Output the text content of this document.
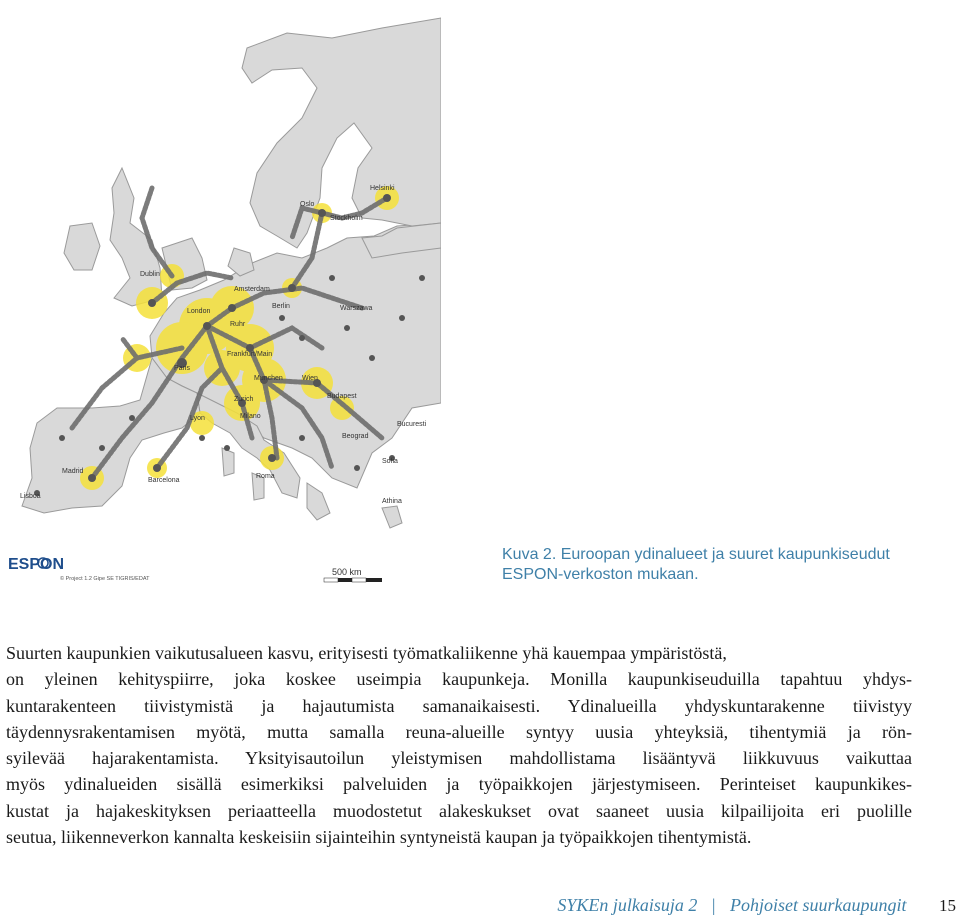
Oslo
Stockholm
Helsinki
Dublin
Amsterdam
Berlin
London
Paris
Ruhr
Frankfurt/Main
Munchen	Wien
Zurich
Milano
Lyon
Madrid
Barcelona
Lisboa
Roma
Sofia
Athina
Warszawa
Bucuresti
Beograd
Budapest
ESPON
© Project 1.2 Gipe SE TIGRIS/EDAT
500 km
Kuva 2. Euroopan ydinalueet ja suuret kaupunkiseudut
ESPON-verkoston mukaan.
Suurten kaupunkien vaikutusalueen kasvu, erityisesti työmatkaliikenne yhä kauempaa ympäristöstä,
on yleinen kehityspiirre, joka koskee useimpia kaupunkeja. Monilla kaupunkiseuduilla tapahtuu yhdys-
kuntarakenteen tiivistymistä ja hajautumista samanaikaisesti. Ydinalueilla yhdyskuntarakenne tiivistyy
täydennysrakentamisen myötä, mutta samalla reuna-alueille syntyy uusia yhteyksiä, tihentymiä ja rön-
syilevää hajarakentamista. Yksityisautoilun yleistymisen mahdollistama lisääntyvä liikkuvuus vaikuttaa
myös ydinalueiden sisällä esimerkiksi palveluiden ja työpaikkojen järjestymiseen. Perinteiset kaupunkikes-
kustat ja hajakeskityksen periaatteella muodostetut alakeskukset ovat saaneet uusia kilpailijoita eri puolille
seutua, liikenneverkon kannalta keskeisiin sijainteihin syntyneistä kaupan ja työpaikkojen tihentymistä.
SYKEn julkaisuja 2 | Pohjoiset suurkaupungit 15
